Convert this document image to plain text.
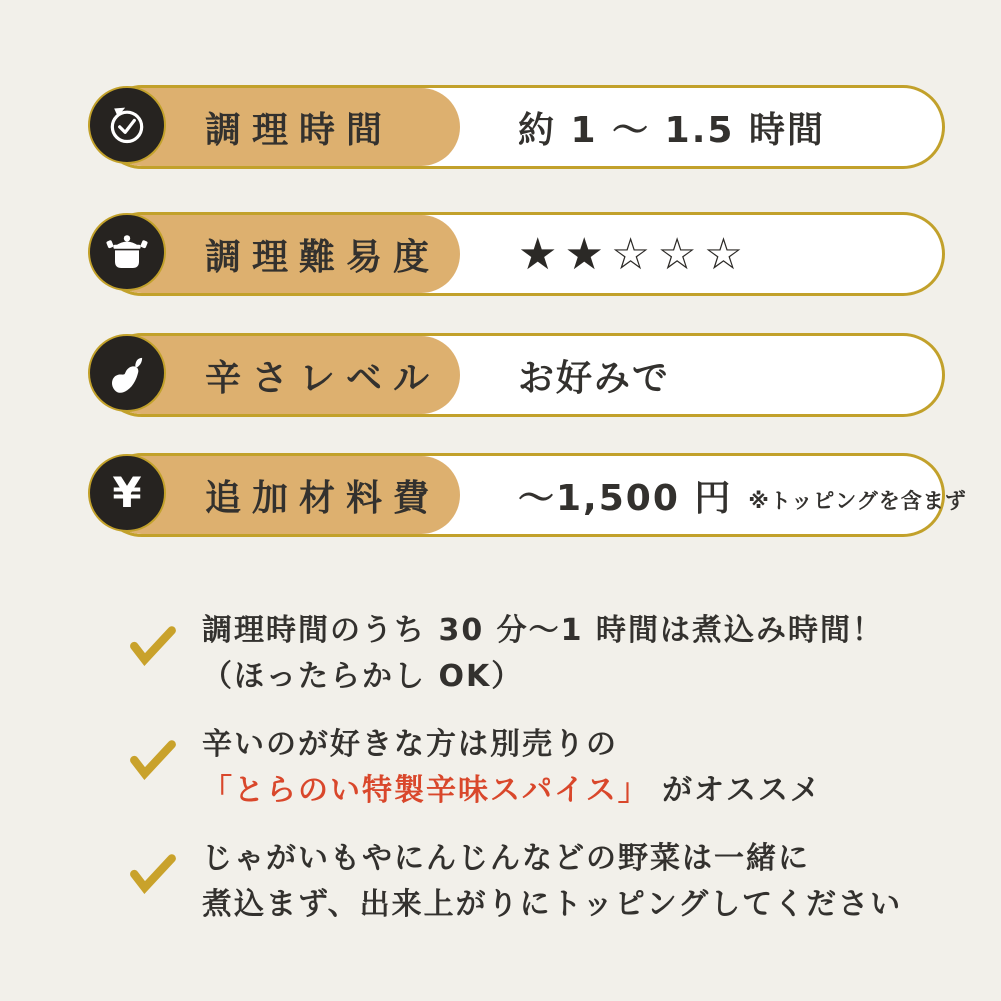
調理時間	約 1 〜 1.5 時間
調理難易度 ★★☆☆☆
辛さレベル お好みで
追加材料費
¥	〜1,500 円 ※トッピングを含まず
調理時間のうち 30 分〜1 時間は煮込み時間！
（ほったらかし OK）
辛いのが好きな方は別売りの
「とらのい特製辛味スパイス」 がオススメ
じゃがいもやにんじんなどの野菜は一緒に
煮込まず、出来上がりにトッピングしてください
